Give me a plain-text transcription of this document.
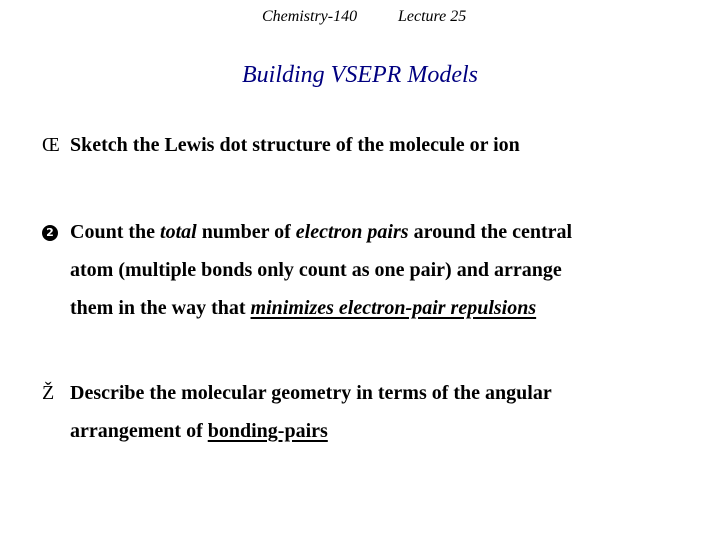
Chemistry-140	Lecture 25
Building VSEPR Models
Œ Sketch the Lewis dot structure of the molecule or ion
2 Count the total number of electron pairs around the central
atom (multiple bonds only count as one pair) and arrange
them in the way that minimizes electron-pair repulsions
Ž Describe the molecular geometry in terms of the angular
arrangement of bonding-pairs
